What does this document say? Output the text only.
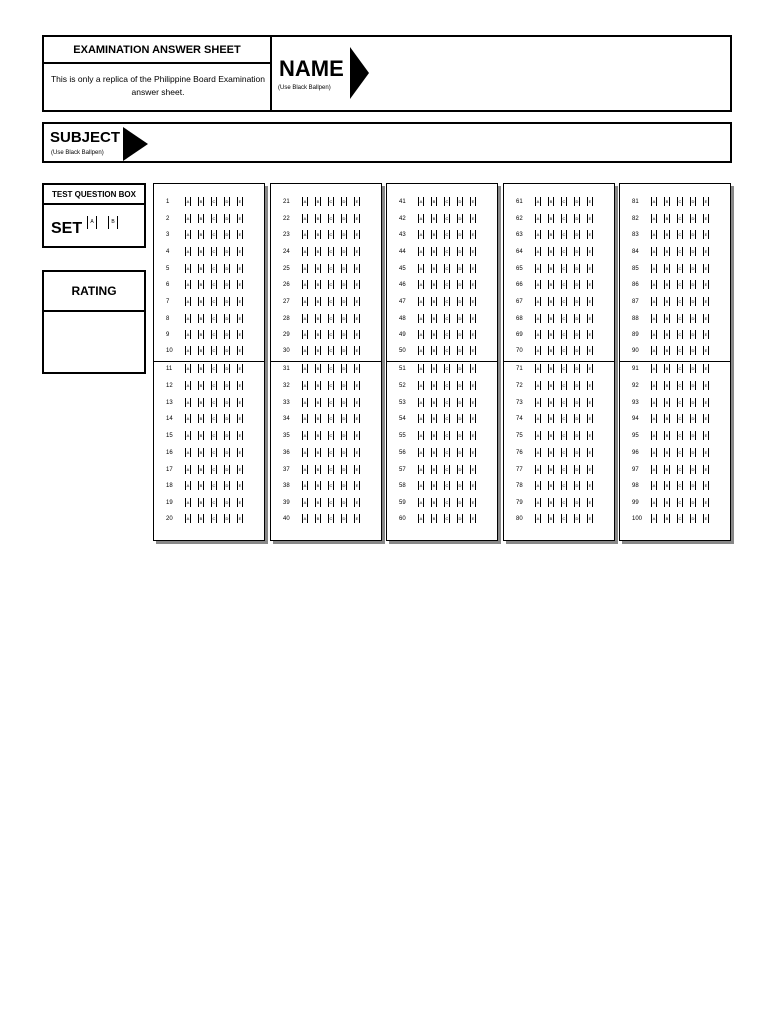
EXAMINATION ANSWER SHEET
This is only a replica of the Philippine Board Examination answer sheet.
NAME
(Use Black Ballpen)
SUBJECT
(Use Black Ballpen)
TEST QUESTION BOX
SET	A	B
RATING
1	A	B	C	D	E
2	A	B	C	D	E
3	A	B	C	D	E
4	A	B	C	D	E
5	A	B	C	D	E
6	A	B	C	D	E
7	A	B	C	D	E
8	A	B	C	D	E
9	A	B	C	D	E
10	A	B	C	D	E
11	A	B	C	D	E
12	A	B	C	D	E
13	A	B	C	D	E
14	A	B	C	D	E
15	A	B	C	D	E
16	A	B	C	D	E
17	A	B	C	D	E
18	A	B	C	D	E
19	A	B	C	D	E
20	A	B	C	D	E
21	A	B	C	D	E
22	A	B	C	D	E
23	A	B	C	D	E
24	A	B	C	D	E
25	A	B	C	D	E
26	A	B	C	D	E
27	A	B	C	D	E
28	A	B	C	D	E
29	A	B	C	D	E
30	A	B	C	D	E
31	A	B	C	D	E
32	A	B	C	D	E
33	A	B	C	D	E
34	A	B	C	D	E
35	A	B	C	D	E
36	A	B	C	D	E
37	A	B	C	D	E
38	A	B	C	D	E
39	A	B	C	D	E
40	A	B	C	D	E
41	A	B	C	D	E
42	A	B	C	D	E
43	A	B	C	D	E
44	A	B	C	D	E
45	A	B	C	D	E
46	A	B	C	D	E
47	A	B	C	D	E
48	A	B	C	D	E
49	A	B	C	D	E
50	A	B	C	D	E
51	A	B	C	D	E
52	A	B	C	D	E
53	A	B	C	D	E
54	A	B	C	D	E
55	A	B	C	D	E
56	A	B	C	D	E
57	A	B	C	D	E
58	A	B	C	D	E
59	A	B	C	D	E
60	A	B	C	D	E
61	A	B	C	D	E
62	A	B	C	D	E
63	A	B	C	D	E
64	A	B	C	D	E
65	A	B	C	D	E
66	A	B	C	D	E
67	A	B	C	D	E
68	A	B	C	D	E
69	A	B	C	D	E
70	A	B	C	D	E
71	A	B	C	D	E
72	A	B	C	D	E
73	A	B	C	D	E
74	A	B	C	D	E
75	A	B	C	D	E
76	A	B	C	D	E
77	A	B	C	D	E
78	A	B	C	D	E
79	A	B	C	D	E
80	A	B	C	D	E
81	A	B	C	D	E
82	A	B	C	D	E
83	A	B	C	D	E
84	A	B	C	D	E
85	A	B	C	D	E
86	A	B	C	D	E
87	A	B	C	D	E
88	A	B	C	D	E
89	A	B	C	D	E
90	A	B	C	D	E
91	A	B	C	D	E
92	A	B	C	D	E
93	A	B	C	D	E
94	A	B	C	D	E
95	A	B	C	D	E
96	A	B	C	D	E
97	A	B	C	D	E
98	A	B	C	D	E
99	A	B	C	D	E
100	A	B	C	D	E
